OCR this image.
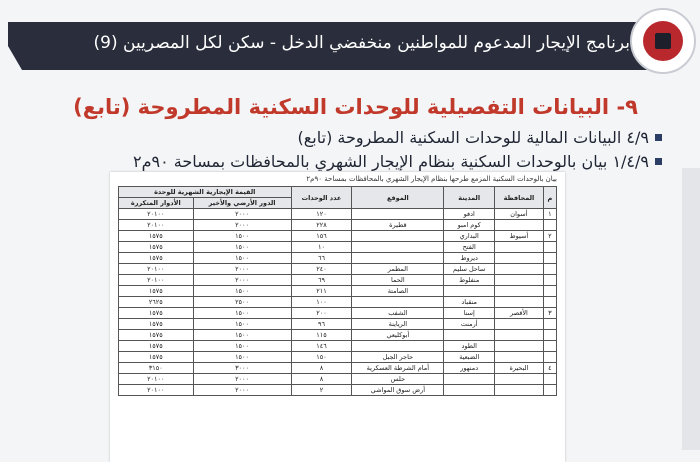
برنامج الإيجار المدعوم للمواطنين منخفضي الدخل - سكن لكل المصريين (9)
٩- البيانات التفصيلية للوحدات السكنية المطروحة (تابع)
٤/٩ البيانات المالية للوحدات السكنية المطروحة (تابع)
١/٤/٩ بيان بالوحدات السكنية بنظام الإيجار الشهري بالمحافظات بمساحة ٩٠م٢
بيان بالوحدات السكنية المزمع طرحها بنظام الإيجار الشهري بالمحافظات بمساحة ٩٠م٢
م	المحافظة	المدينة	الموقع	عدد الوحدات	القيمة الإيجارية الشهرية للوحدة	
					الدور الأرضي والأخير	الأدوار المتكررة
١	أسوان	ادفو		١٢٠	٢٠٠٠	٢٠١٠٠
		كوم امبو	قطيرة	٢٢٨	٢٠٠٠	٢٠١٠٠
٢	أسيوط	البداري		١٥٦	١٥٠٠	١٥٧٥
		الفتح		١٠	١٥٠٠	١٥٧٥
		ديروط		٦٦	١٥٠٠	١٥٧٥
		ساحل سليم	المطمر	٢٤٠	٢٠٠٠	٢٠١٠٠
		منفلوط	الحما	٦٩	٢٠٠٠	٢٠١٠٠
			الصامتة	٢١١	١٥٠٠	١٥٧٥
		منقباد		١٠٠	٢٥٠٠	٢٦٢٥
٣	الأقصر	إسنا	الشفب	٢٠٠	١٥٠٠	١٥٧٥
		أرمنت	الرياينة	٩٦	١٥٠٠	١٥٧٥
			أبوكليعي	١١٥	١٥٠٠	١٥٧٥
		الطود		١٤٦	١٥٠٠	١٥٧٥
		الضبعية	حاجر الجبل	١٥٠	١٥٠٠	١٥٧٥
٤	البحيرة	دمنهور	أمام الشرطة العسكرية	٨	٣٠٠٠	٣١٥٠
			حلس	٨	٢٠٠٠	٢٠١٠٠
			أرض سوق المواشي	٢	٢٠٠٠	٢٠١٠٠
